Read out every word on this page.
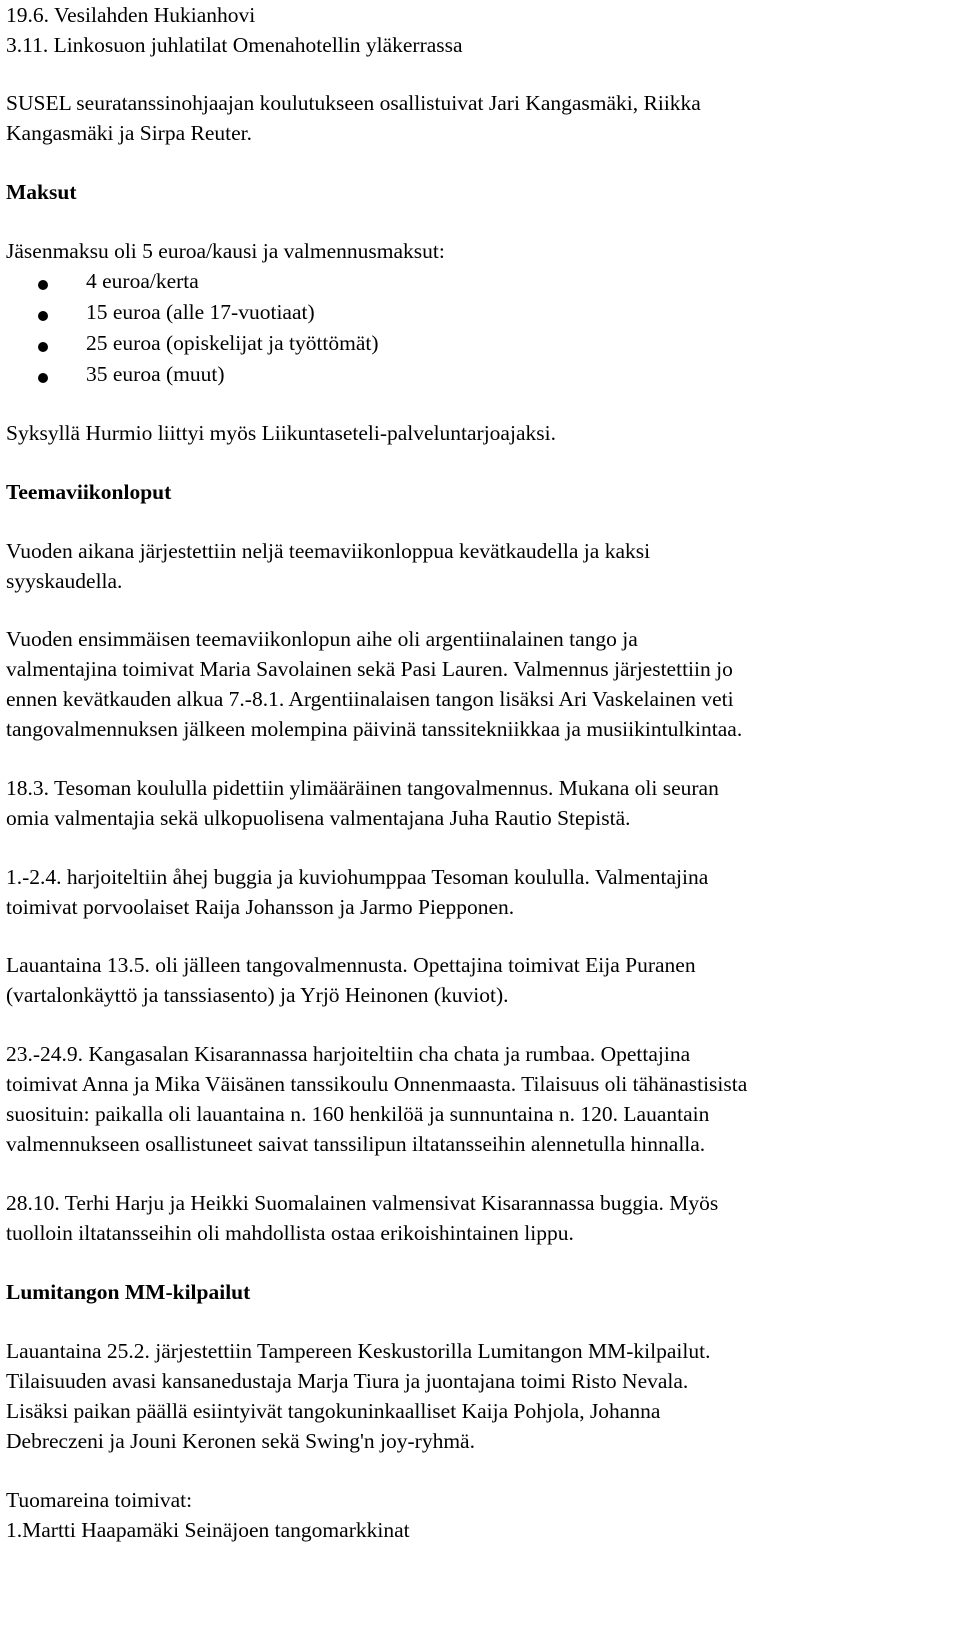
19.6. Vesilahden Hukianhovi
3.11. Linkosuon juhlatilat Omenahotellin yläkerrassa
SUSEL seuratanssinohjaajan koulutukseen osallistuivat Jari Kangasmäki, Riikka
Kangasmäki ja Sirpa Reuter.
Maksut
Jäsenmaksu oli 5 euroa/kausi ja valmennusmaksut:
4 euroa/kerta
15 euroa (alle 17-vuotiaat)
25 euroa (opiskelijat ja työttömät)
35 euroa (muut)
Syksyllä Hurmio liittyi myös Liikuntaseteli-palveluntarjoajaksi.
Teemaviikonloput
Vuoden aikana järjestettiin neljä teemaviikonloppua kevätkaudella ja kaksi
syyskaudella.
Vuoden ensimmäisen teemaviikonlopun aihe oli argentiinalainen tango ja
valmentajina toimivat Maria Savolainen sekä Pasi Lauren. Valmennus järjestettiin jo
ennen kevätkauden alkua 7.-8.1. Argentiinalaisen tangon lisäksi Ari Vaskelainen veti
tangovalmennuksen jälkeen molempina päivinä tanssitekniikkaa ja musiikintulkintaa.
18.3. Tesoman koululla pidettiin ylimääräinen tangovalmennus. Mukana oli seuran
omia valmentajia sekä ulkopuolisena valmentajana Juha Rautio Stepistä.
1.-2.4. harjoiteltiin åhej buggia ja kuviohumppaa Tesoman koululla. Valmentajina
toimivat porvoolaiset Raija Johansson ja Jarmo Piepponen.
Lauantaina 13.5. oli jälleen tangovalmennusta. Opettajina toimivat Eija Puranen
(vartalonkäyttö ja tanssiasento) ja Yrjö Heinonen (kuviot).
23.-24.9. Kangasalan Kisarannassa harjoiteltiin cha chata ja rumbaa. Opettajina
toimivat Anna ja Mika Väisänen tanssikoulu Onnenmaasta. Tilaisuus oli tähänastisista
suosituin: paikalla oli lauantaina n. 160 henkilöä ja sunnuntaina n. 120. Lauantain
valmennukseen osallistuneet saivat tanssilipun iltatansseihin alennetulla hinnalla.
28.10. Terhi Harju ja Heikki Suomalainen valmensivat Kisarannassa buggia. Myös
tuolloin iltatansseihin oli mahdollista ostaa erikoishintainen lippu.
Lumitangon MM-kilpailut
Lauantaina 25.2. järjestettiin Tampereen Keskustorilla Lumitangon MM-kilpailut.
Tilaisuuden avasi kansanedustaja Marja Tiura ja juontajana toimi Risto Nevala.
Lisäksi paikan päällä esiintyivät tangokuninkaalliset Kaija Pohjola, Johanna
Debreczeni ja Jouni Keronen sekä Swing'n joy-ryhmä.
Tuomareina toimivat:
1.Martti Haapamäki Seinäjoen tangomarkkinat
